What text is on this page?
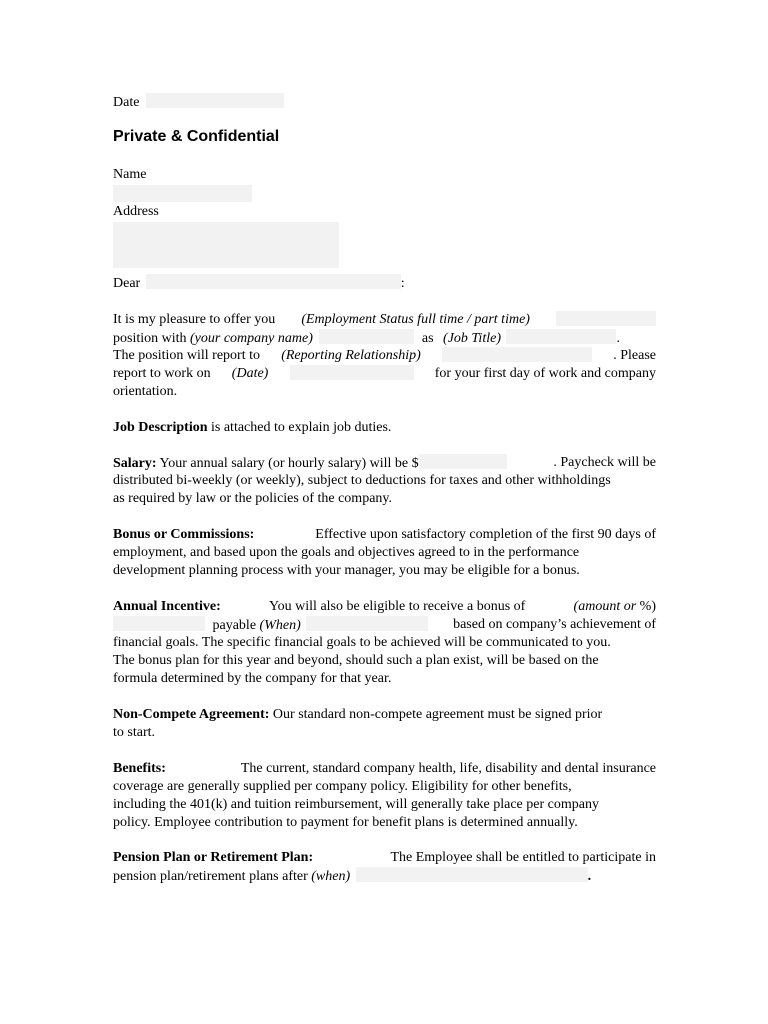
Date
Private & Confidential
Name
Address
Dear	:
It is my pleasure to offer you (Employment Status full time / part time)
position with (your company name)	as (Job Title)	.
The position will report to (Reporting Relationship)	. Please
report to work on (Date)	for your first day of work and company
orientation.
Job Description is attached to explain job duties.
Salary: Your annual salary (or hourly salary) will be $	. Paycheck will be
distributed bi-weekly (or weekly), subject to deductions for taxes and other withholdings
as required by law or the policies of the company.
Bonus or Commissions:	Effective upon satisfactory completion of the first 90 days of
employment, and based upon the goals and objectives agreed to in the performance
development planning process with your manager, you may be eligible for a bonus.
Annual Incentive:	You will also be eligible to receive a bonus of	(amount or %)
payable (When)	based on company’s achievement of
financial goals. The specific financial goals to be achieved will be communicated to you.
The bonus plan for this year and beyond, should such a plan exist, will be based on the
formula determined by the company for that year.
Non-Compete Agreement: Our standard non-compete agreement must be signed prior
to start.
Benefits:	The current, standard company health, life, disability and dental insurance
coverage are generally supplied per company policy. Eligibility for other benefits,
including the 401(k) and tuition reimbursement, will generally take place per company
policy. Employee contribution to payment for benefit plans is determined annually.
Pension Plan or Retirement Plan:	The Employee shall be entitled to participate in
pension plan/retirement plans after (when)	.
